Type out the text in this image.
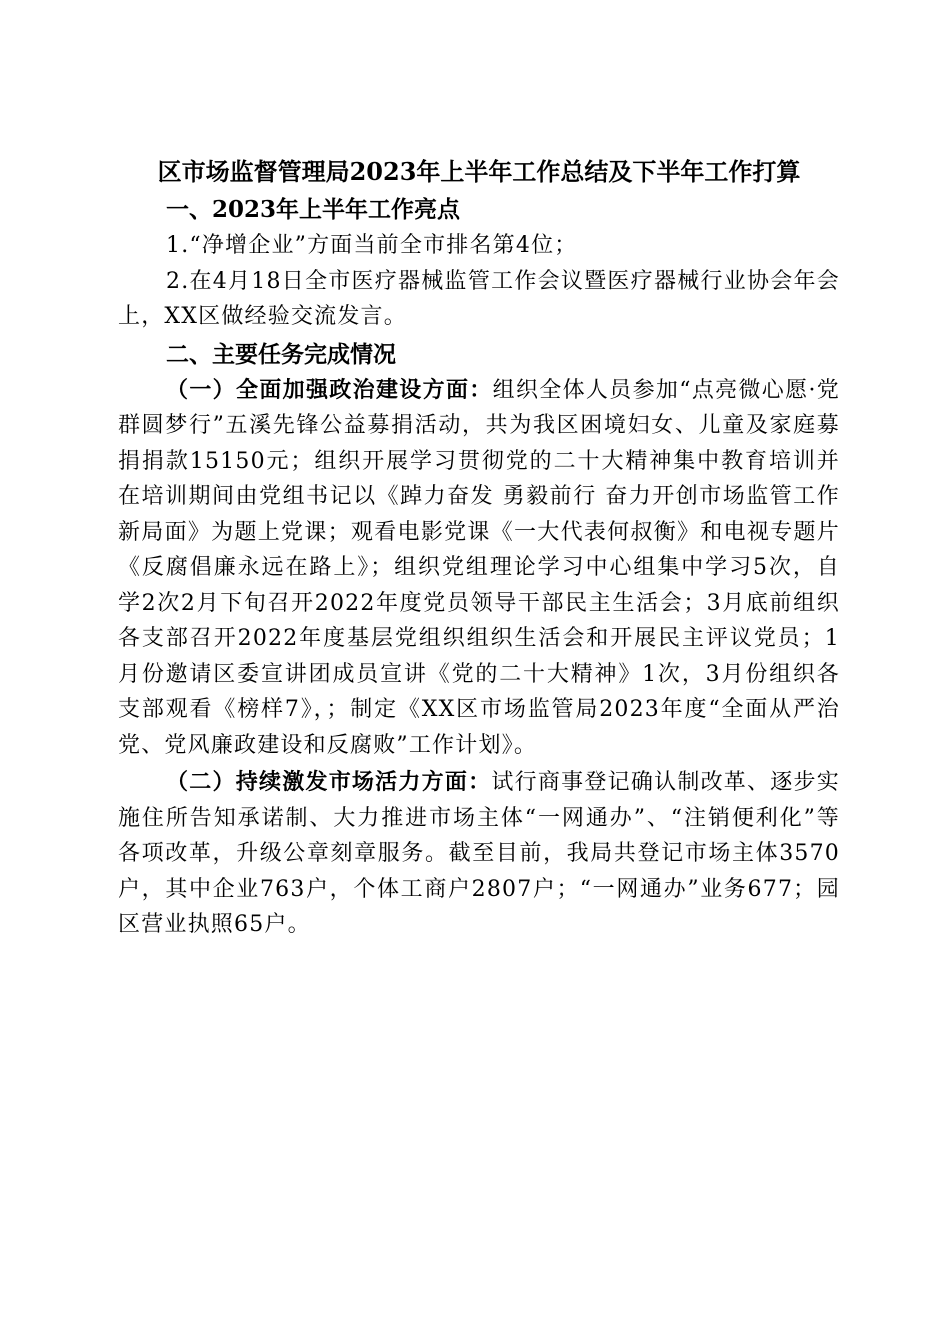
区市场监督管理局2023年上半年工作总结及下半年工作打算
一、2023年上半年工作亮点

1.“净增企业”方面当前全市排名第4位；

2.在4月18日全市医疗器械监管工作会议暨医疗器械行业协会年会上，XX区做经验交流发言。

二、主要任务完成情况

（一）全面加强政治建设方面：组织全体人员参加“点亮微心愿·党群圆梦行”五溪先锋公益募捐活动，共为我区困境妇女、儿童及家庭募捐捐款15150元；组织开展学习贯彻党的二十大精神集中教育培训并在培训期间由党组书记以《踔力奋发 勇毅前行 奋力开创市场监管工作新局面》为题上党课；观看电影党课《一大代表何叔衡》和电视专题片《反腐倡廉永远在路上》；组织党组理论学习中心组集中学习5次，自学2次2月下旬召开2022年度党员领导干部民主生活会；3月底前组织各支部召开2022年度基层党组织组织生活会和开展民主评议党员；1月份邀请区委宣讲团成员宣讲《党的二十大精神》1次，3月份组织各支部观看《榜样7》，；制定《XX区市场监管局2023年度“全面从严治党、党风廉政建设和反腐败”工作计划》。

（二）持续激发市场活力方面：试行商事登记确认制改革、逐步实施住所告知承诺制、大力推进市场主体“一网通办”、“注销便利化”等各项改革，升级公章刻章服务。截至目前，我局共登记市场主体3570户，其中企业763户，个体工商户2807户；“一网通办”业务677；园区营业执照65户。
